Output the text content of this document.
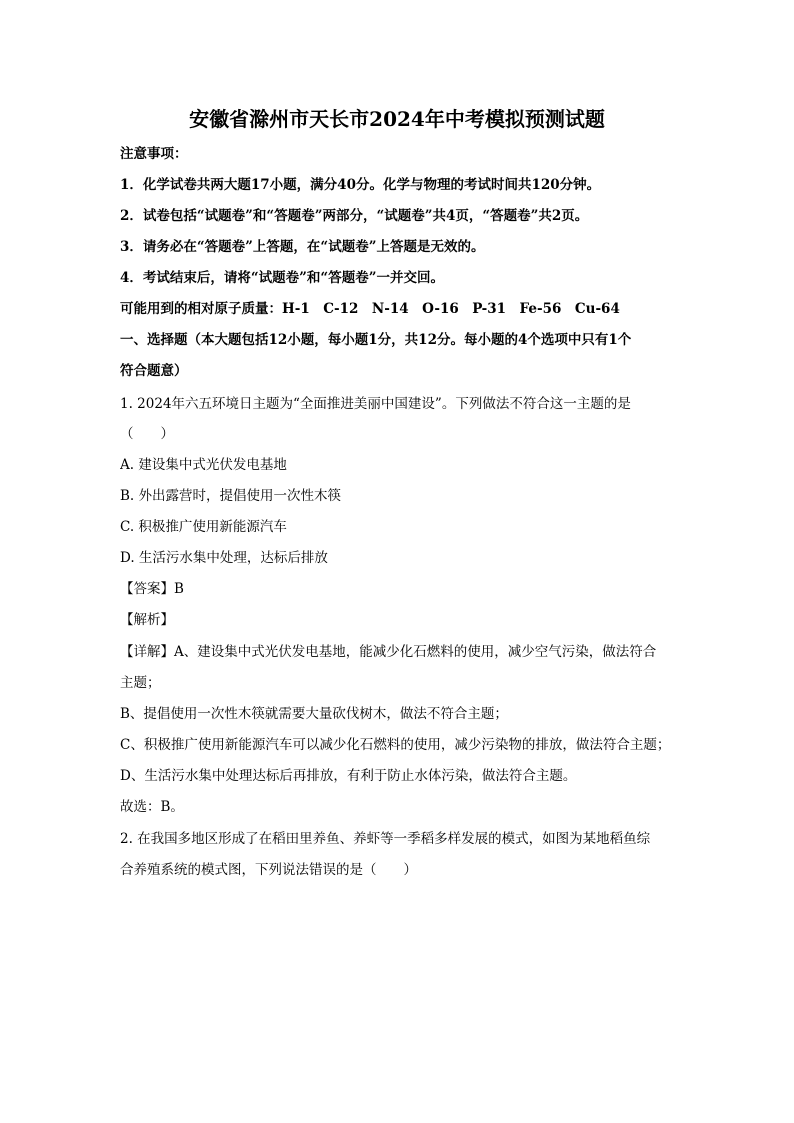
安徽省滁州市天长市2024年中考模拟预测试题
注意事项：
1．化学试卷共两大题17小题，满分40分。化学与物理的考试时间共120分钟。
2．试卷包括“试题卷”和“答题卷”两部分，“试题卷”共4页，“答题卷”共2页。
3．请务必在“答题卷”上答题，在“试题卷”上答题是无效的。
4．考试结束后，请将“试题卷”和“答题卷”一并交回。
可能用到的相对原子质量：H-1　C-12　N-14　O-16　P-31　Fe-56　Cu-64
一、选择题（本大题包括12小题，每小题1分，共12分。每小题的4个选项中只有1个
符合题意）
1. 2024年六五环境日主题为“全面推进美丽中国建设”。下列做法不符合这一主题的是
（　　）
A. 建设集中式光伏发电基地
B. 外出露营时，提倡使用一次性木筷
C. 积极推广使用新能源汽车
D. 生活污水集中处理，达标后排放
【答案】B
【解析】
【详解】A、建设集中式光伏发电基地，能减少化石燃料的使用，减少空气污染，做法符合
主题；
B、提倡使用一次性木筷就需要大量砍伐树木，做法不符合主题；
C、积极推广使用新能源汽车可以减少化石燃料的使用，减少污染物的排放，做法符合主题；
D、生活污水集中处理达标后再排放，有利于防止水体污染，做法符合主题。
故选：B。
2. 在我国多地区形成了在稻田里养鱼、养虾等一季稻多样发展的模式，如图为某地稻鱼综
合养殖系统的模式图，下列说法错误的是（　　）
